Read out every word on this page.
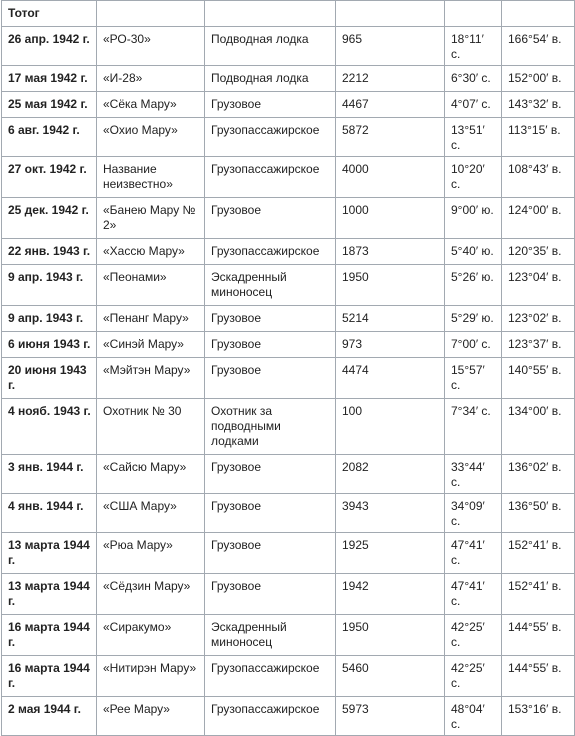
Тотог					
26 апр. 1942 г.	«РО-30»	Подводная лодка	965	18°11′ с.	166°54′ в.
17 мая 1942 г.	«И-28»	Подводная лодка	2212	6°30′ с.	152°00′ в.
25 мая 1942 г.	«Сёка Мару»	Грузовое	4467	4°07′ с.	143°32′ в.
6 авг. 1942 г.	«Охио Мару»	Грузопассажирское	5872	13°51′ с.	113°15′ в.
27 окт. 1942 г.	Название неизвестно»	Грузопассажирское	4000	10°20′ с.	108°43′ в.
25 дек. 1942 г.	«Банею Мару № 2»	Грузовое	1000	9°00′ ю.	124°00′ в.
22 янв. 1943 г.	«Хассю Мару»	Грузопассажирское	1873	5°40′ ю.	120°35′ в.
9 апр. 1943 г.	«Пеонами»	Эскадренный миноносец	1950	5°26′ ю.	123°04′ в.
9 апр. 1943 г.	«Пенанг Мару»	Грузовое	5214	5°29′ ю.	123°02′ в.
6 июня 1943 г.	«Синэй Мару»	Грузовое	973	7°00′ с.	123°37′ в.
20 июня 1943 г.	«Мэйтэн Мару»	Грузовое	4474	15°57′ с.	140°55′ в.
4 нояб. 1943 г.	Охотник № 30	Охотник за подводными лодками	100	7°34′ с.	134°00′ в.
3 янв. 1944 г.	«Сайсю Мару»	Грузовое	2082	33°44′ с.	136°02′ в.
4 янв. 1944 г.	«США Мару»	Грузовое	3943	34°09′ с.	136°50′ в.
13 марта 1944 г.	«Рюа Мару»	Грузовое	1925	47°41′ с.	152°41′ в.
13 марта 1944 г.	«Сёдзин Мару»	Грузовое	1942	47°41′ с.	152°41′ в.
16 марта 1944 г.	«Сиракумо»	Эскадренный миноносец	1950	42°25′ с.	144°55′ в.
16 марта 1944 г.	«Нитирэн Мару»	Грузопассажирское	5460	42°25′ с.	144°55′ в.
2 мая 1944 г.	«Рее Мару»	Грузопассажирское	5973	48°04′ с.	153°16′ в.
